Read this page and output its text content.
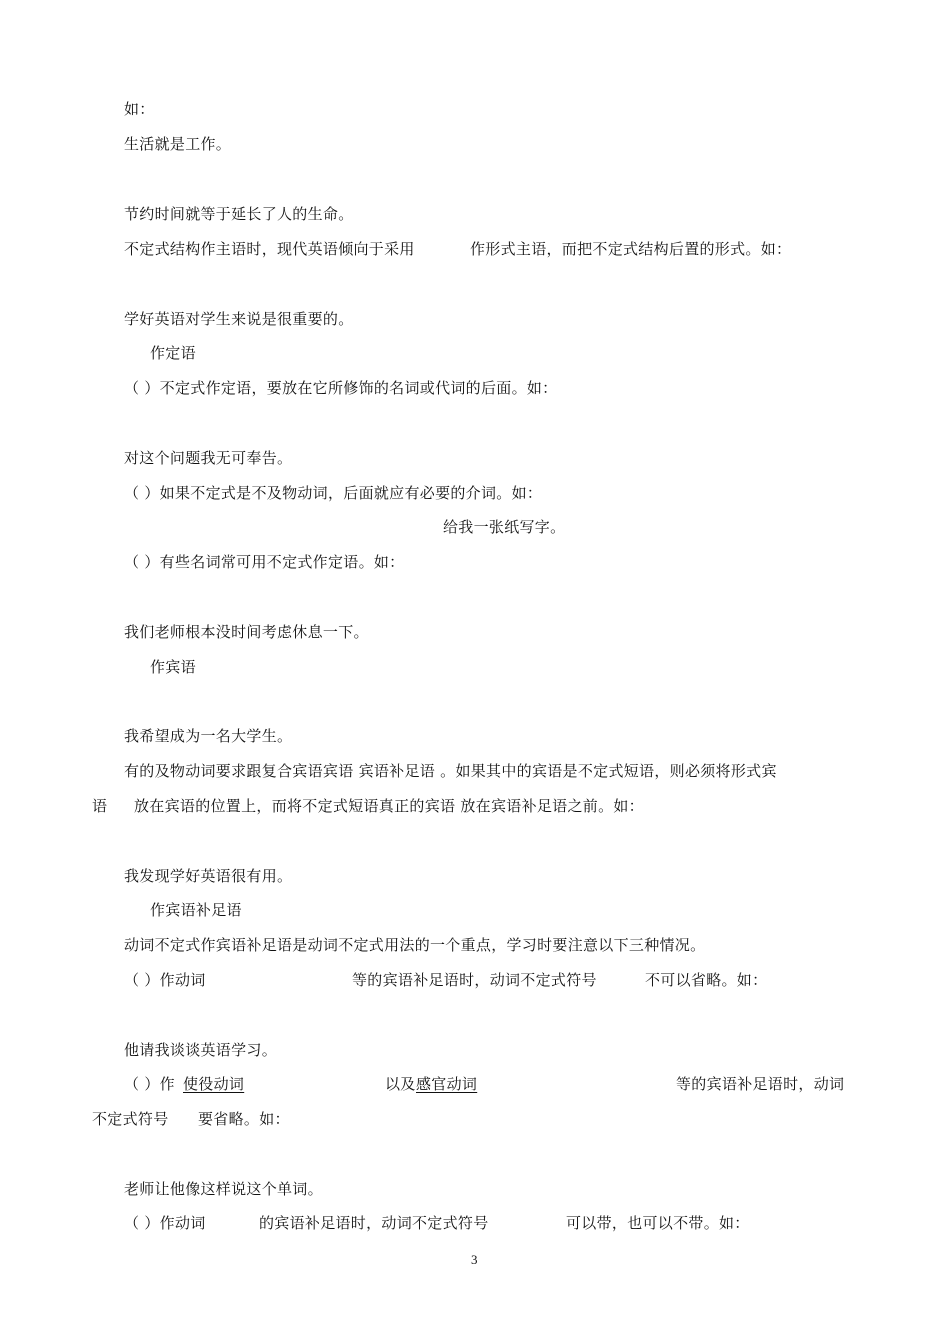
如：
生活就是工作。
节约时间就等于延长了人的生命。
不定式结构作主语时，现代英语倾向于采用	作形式主语，而把不定式结构后置的形式。如：
学好英语对学生来说是很重要的。
作定语
（ ）不定式作定语，要放在它所修饰的名词或代词的后面。如：
对这个问题我无可奉告。
（ ）如果不定式是不及物动词，后面就应有必要的介词。如：
给我一张纸写字。
（ ）有些名词常可用不定式作定语。如：
我们老师根本没时间考虑休息一下。
作宾语
我希望成为一名大学生。
有的及物动词要求跟复合宾语宾语 宾语补足语 。如果其中的宾语是不定式短语，则必须将形式宾
语 放在宾语的位置上，而将不定式短语真正的宾语 放在宾语补足语之前。如：
我发现学好英语很有用。
作宾语补足语
动词不定式作宾语补足语是动词不定式用法的一个重点，学习时要注意以下三种情况。
（ ）作动词	等的宾语补足语时，动词不定式符号	不可以省略。如：
他请我谈谈英语学习。
（ ）作 使役动词	以及 感官动词	等的宾语补足语时，动词
不定式符号 要省略。如：
老师让他像这样说这个单词。
（ ）作动词	的宾语补足语时，动词不定式符号	可以带，也可以不带。如：
3
